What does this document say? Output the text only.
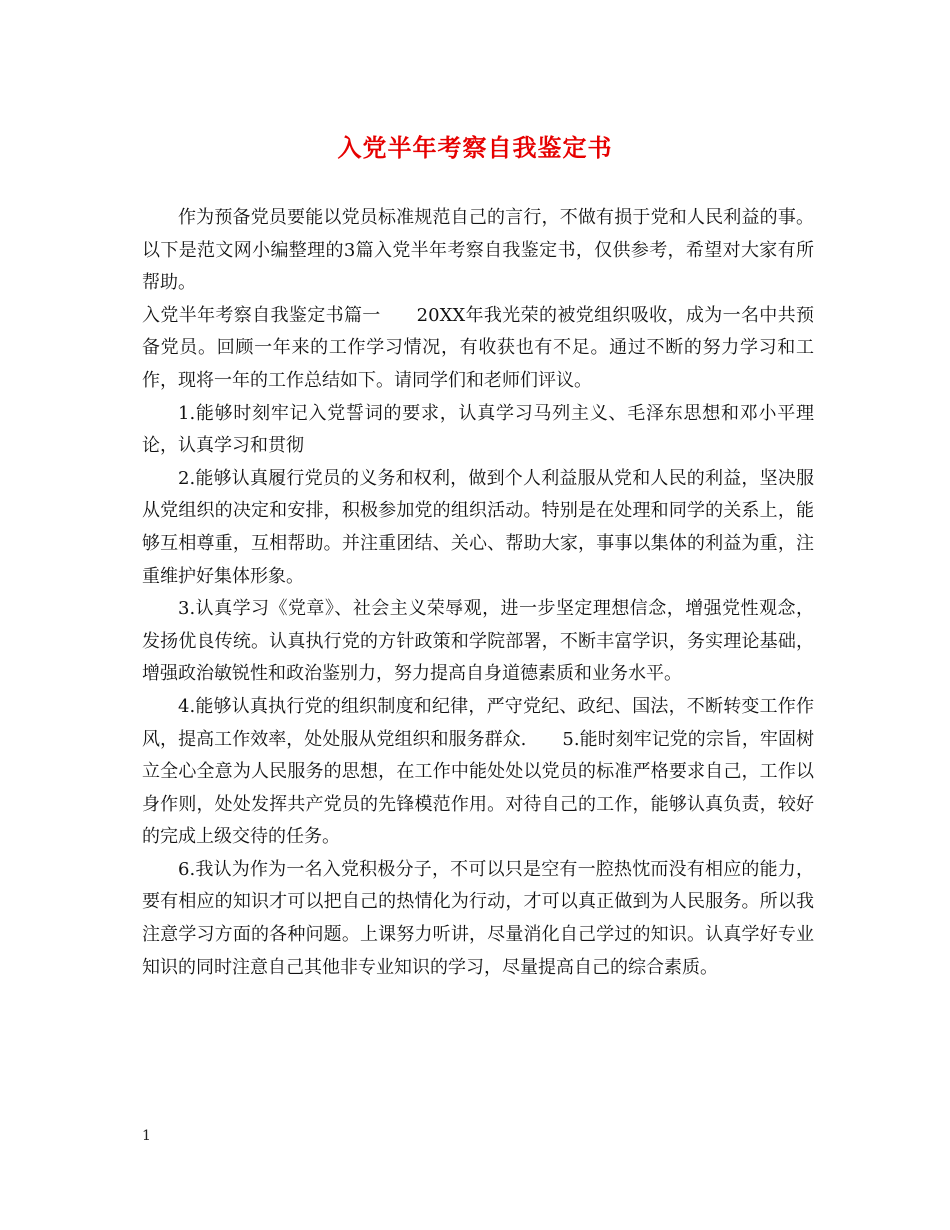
入党半年考察自我鉴定书

作为预备党员要能以党员标准规范自己的言行，不做有损于党和人民利益的事。以下是范文网小编整理的3篇入党半年考察自我鉴定书，仅供参考，希望对大家有所帮助。

入党半年考察自我鉴定书篇一 20XX年我光荣的被党组织吸收，成为一名中共预备党员。回顾一年来的工作学习情况，有收获也有不足。通过不断的努力学习和工作，现将一年的工作总结如下。请同学们和老师们评议。

1.能够时刻牢记入党誓词的要求，认真学习马列主义、毛泽东思想和邓小平理论，认真学习和贯彻

2.能够认真履行党员的义务和权利，做到个人利益服从党和人民的利益，坚决服从党组织的决定和安排，积极参加党的组织活动。特别是在处理和同学的关系上，能够互相尊重，互相帮助。并注重团结、关心、帮助大家，事事以集体的利益为重，注重维护好集体形象。

3.认真学习《党章》、社会主义荣辱观，进一步坚定理想信念，增强党性观念，发扬优良传统。认真执行党的方针政策和学院部署，不断丰富学识，务实理论基础，增强政治敏锐性和政治鉴别力，努力提高自身道德素质和业务水平。

4.能够认真执行党的组织制度和纪律，严守党纪、政纪、国法，不断转变工作作风，提高工作效率，处处服从党组织和服务群众. 5.能时刻牢记党的宗旨，牢固树立全心全意为人民服务的思想，在工作中能处处以党员的标准严格要求自己，工作以身作则，处处发挥共产党员的先锋模范作用。对待自己的工作，能够认真负责，较好的完成上级交待的任务。

6.我认为作为一名入党积极分子，不可以只是空有一腔热忱而没有相应的能力，要有相应的知识才可以把自己的热情化为行动，才可以真正做到为人民服务。所以我注意学习方面的各种问题。上课努力听讲，尽量消化自己学过的知识。认真学好专业知识的同时注意自己其他非专业知识的学习，尽量提高自己的综合素质。

1
